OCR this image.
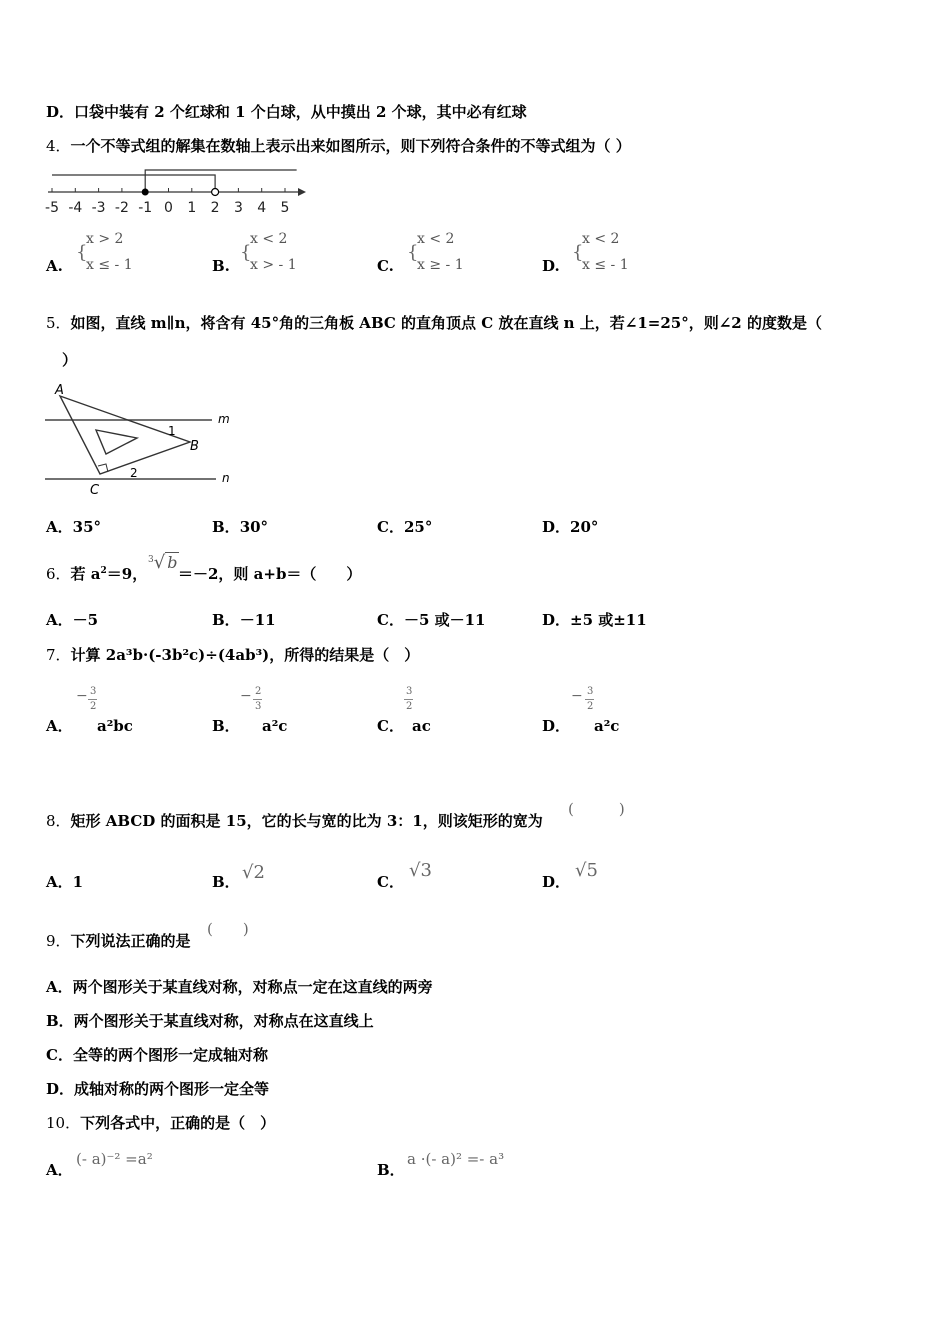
D．口袋中装有 2 个红球和 1 个白球，从中摸出 2 个球，其中必有红球
4．一个不等式组的解集在数轴上表示出来如图所示，则下列符合条件的不等式组为（ ）
-5 -4 -3 -2 -1 0 1 2 3 4 5
A.
{
x > 2
x ≤ - 1	B.
{
x < 2
x > - 1	C.
{
x < 2
x ≥ - 1	D.
{
x < 2
x ≤ - 1
5．如图，直线 m∥n，将含有 45°角的三角板 ABC 的直角顶点 C 放在直线 n 上，若∠1=25°，则∠2 的度数是（
）
A
B
C
m
n
1
2
A．35°	B．30°	C．25°	D．20°
6．若 $a^2=9$，
$^3$√ b
＝－2，则 a+b＝（　　）
A．－5	B．－11	C．－5 或－11	D．±5 或±11
7．计算 2a³b·(-3b²c)÷(4ab³)，所得的结果是（　）
A．
− 3
2
a²bc	B．
− 2
3
a²c	C．
3
2
ac	D．
− 3
2
a²c
8．矩形 ABCD 的面积是 15，它的长与宽的比为 3：1，则该矩形的宽为
(　　　)
A．1	B． √2	C．
√3
D．
√5
9．下列说法正确的是
(　　)
A．两个图形关于某直线对称，对称点一定在这直线的两旁
B．两个图形关于某直线对称，对称点在这直线上
C．全等的两个图形一定成轴对称
D．成轴对称的两个图形一定全等
10．下列各式中，正确的是（　）
A．
(- a)⁻² =a²
B．
a ·(- a)² =- a³
